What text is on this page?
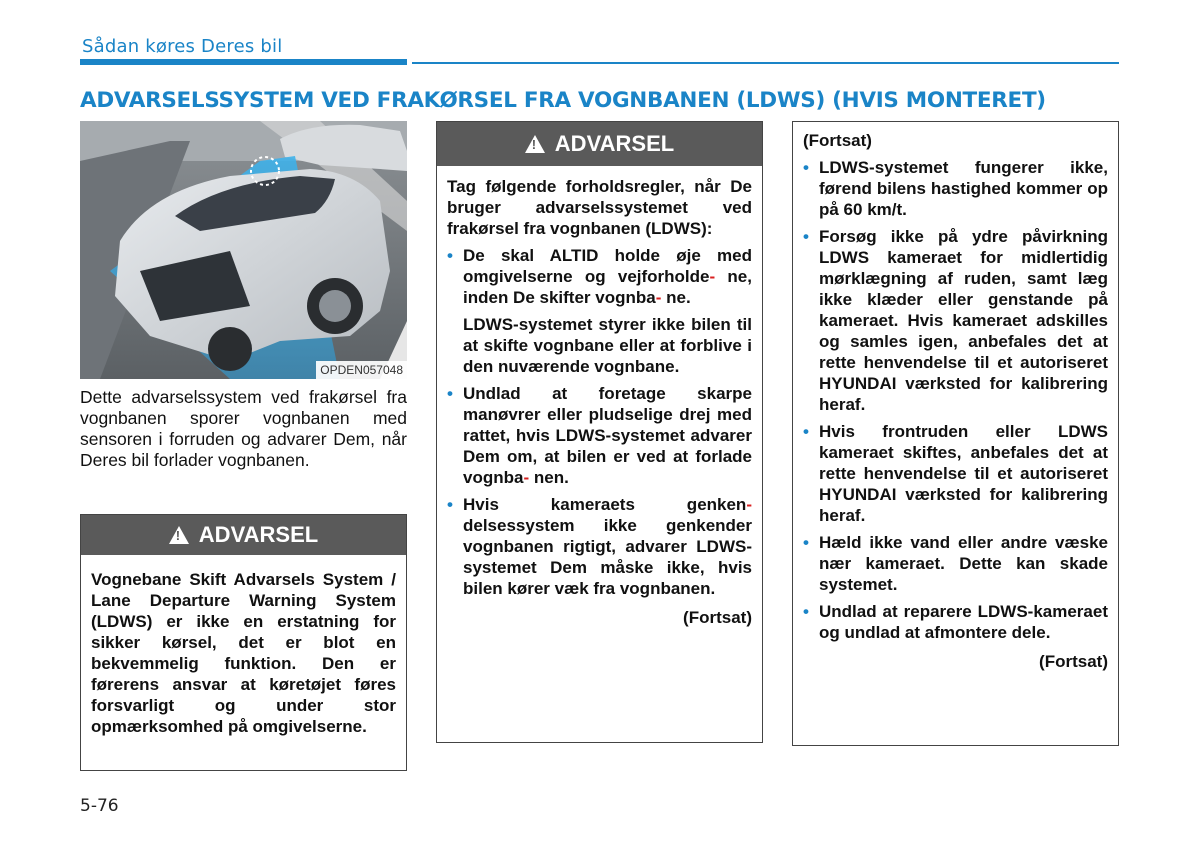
Sådan køres Deres bil
ADVARSELSSYSTEM VED FRAKØRSEL FRA VOGNBANEN (LDWS) (HVIS MONTERET)
OPDEN057048
Dette advarselssystem ved frakørsel fra vognbanen sporer vognbanen med sensoren i forruden og advarer Dem, når Deres bil forlader vognbanen.
!
ADVARSEL
Vognebane Skift Advarsels System / Lane Departure Warning System (LDWS) er ikke en erstatning for sikker kørsel, det er blot en bekvemmelig funktion. Den er førerens ansvar at køretøjet føres forsvarligt og under stor opmærksomhed på omgivelserne.
!
ADVARSEL
Tag følgende forholdsregler, når De bruger advarselssystemet ved frakørsel fra vognbanen (LDWS):
• De skal ALTID holde øje med omgivelserne og vejforholde- ne, inden De skifter vognba- ne.
LDWS-systemet styrer ikke bilen til at skifte vognbane eller at forblive i den nuværende vognbane.
• Undlad at foretage skarpe manøvrer eller pludselige drej med rattet, hvis LDWS-systemet advarer Dem om, at bilen er ved at forlade vognba- nen.
• Hvis kameraets genken- delsessystem ikke genkender vognbanen rigtigt, advarer LDWS-systemet Dem måske ikke, hvis bilen kører væk fra vognbanen.
(Fortsat)
(Fortsat)
• LDWS-systemet fungerer ikke, førend bilens hastighed kommer op på 60 km/t.
• Forsøg ikke på ydre påvirkning LDWS kameraet for midlertidig mørklægning af ruden, samt læg ikke klæder eller genstande på kameraet. Hvis kameraet adskilles og samles igen, anbefales det at rette henvendelse til et autoriseret HYUNDAI værksted for kalibrering heraf.
• Hvis frontruden eller LDWS kameraet skiftes, anbefales det at rette henvendelse til et autoriseret HYUNDAI værksted for kalibrering heraf.
• Hæld ikke vand eller andre væske nær kameraet. Dette kan skade systemet.
• Undlad at reparere LDWS-kameraet og undlad at afmontere dele.
(Fortsat)
5-76
